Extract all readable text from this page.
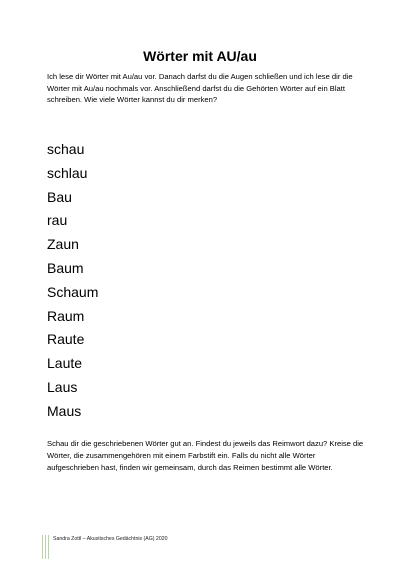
Wörter mit AU/au

Ich lese dir Wörter mit Au/au vor. Danach darfst du die Augen schließen und ich lese dir die Wörter mit Au/au nochmals vor. Anschließend darfst du die Gehörten Wörter auf ein Blatt schreiben. Wie viele Wörter kannst du dir merken?

schau
schlau
Bau
rau
Zaun
Baum
Schaum
Raum
Raute
Laute
Laus
Maus

Schau dir die geschriebenen Wörter gut an. Findest du jeweils das Reimwort dazu? Kreise die Wörter, die zusammengehören mit einem Farbstift ein. Falls du nicht alle Wörter aufgeschrieben hast, finden wir gemeinsam, durch das Reimen bestimmt alle Wörter.

Sandra Zottl – Akustisches Gedächtnis (AG) 2020
